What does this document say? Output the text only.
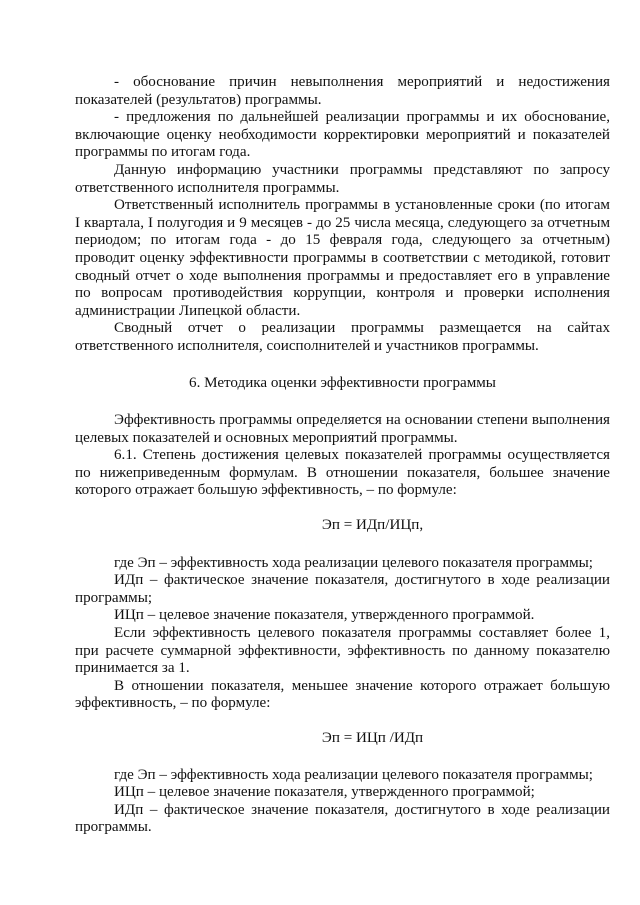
- обоснование причин невыполнения мероприятий и недостижения показателей (результатов) программы.

- предложения по дальнейшей реализации программы и их обоснование, включающие оценку необходимости корректировки мероприятий и показателей программы по итогам года.

Данную информацию участники программы представляют по запросу ответственного исполнителя программы.

Ответственный исполнитель программы в установленные сроки (по итогам I квартала, I полугодия и 9 месяцев - до 25 числа месяца, следующего за отчетным периодом; по итогам года - до 15 февраля года, следующего за отчетным) проводит оценку эффективности программы в соответствии с методикой, готовит сводный отчет о ходе выполнения программы и предоставляет его в управление по вопросам противодействия коррупции, контроля и проверки исполнения администрации Липецкой области.

Сводный отчет о реализации программы размещается на сайтах ответственного исполнителя, соисполнителей и участников программы.

6. Методика оценки эффективности программы

Эффективность программы определяется на основании степени выполнения целевых показателей и основных мероприятий программы.

6.1. Степень достижения целевых показателей программы осуществляется по нижеприведенным формулам. В отношении показателя, большее значение которого отражает большую эффективность, – по формуле:

Эп = ИДп/ИЦп,

где Эп – эффективность хода реализации целевого показателя программы;

ИДп – фактическое значение показателя, достигнутого в ходе реализации программы;

ИЦп – целевое значение показателя, утвержденного программой.

Если эффективность целевого показателя программы составляет более 1, при расчете суммарной эффективности, эффективность по данному показателю принимается за 1.

В отношении показателя, меньшее значение которого отражает большую эффективность, – по формуле:

Эп = ИЦп /ИДп

где Эп – эффективность хода реализации целевого показателя программы;

ИЦп – целевое значение показателя, утвержденного программой;

ИДп – фактическое значение показателя, достигнутого в ходе реализации программы.
